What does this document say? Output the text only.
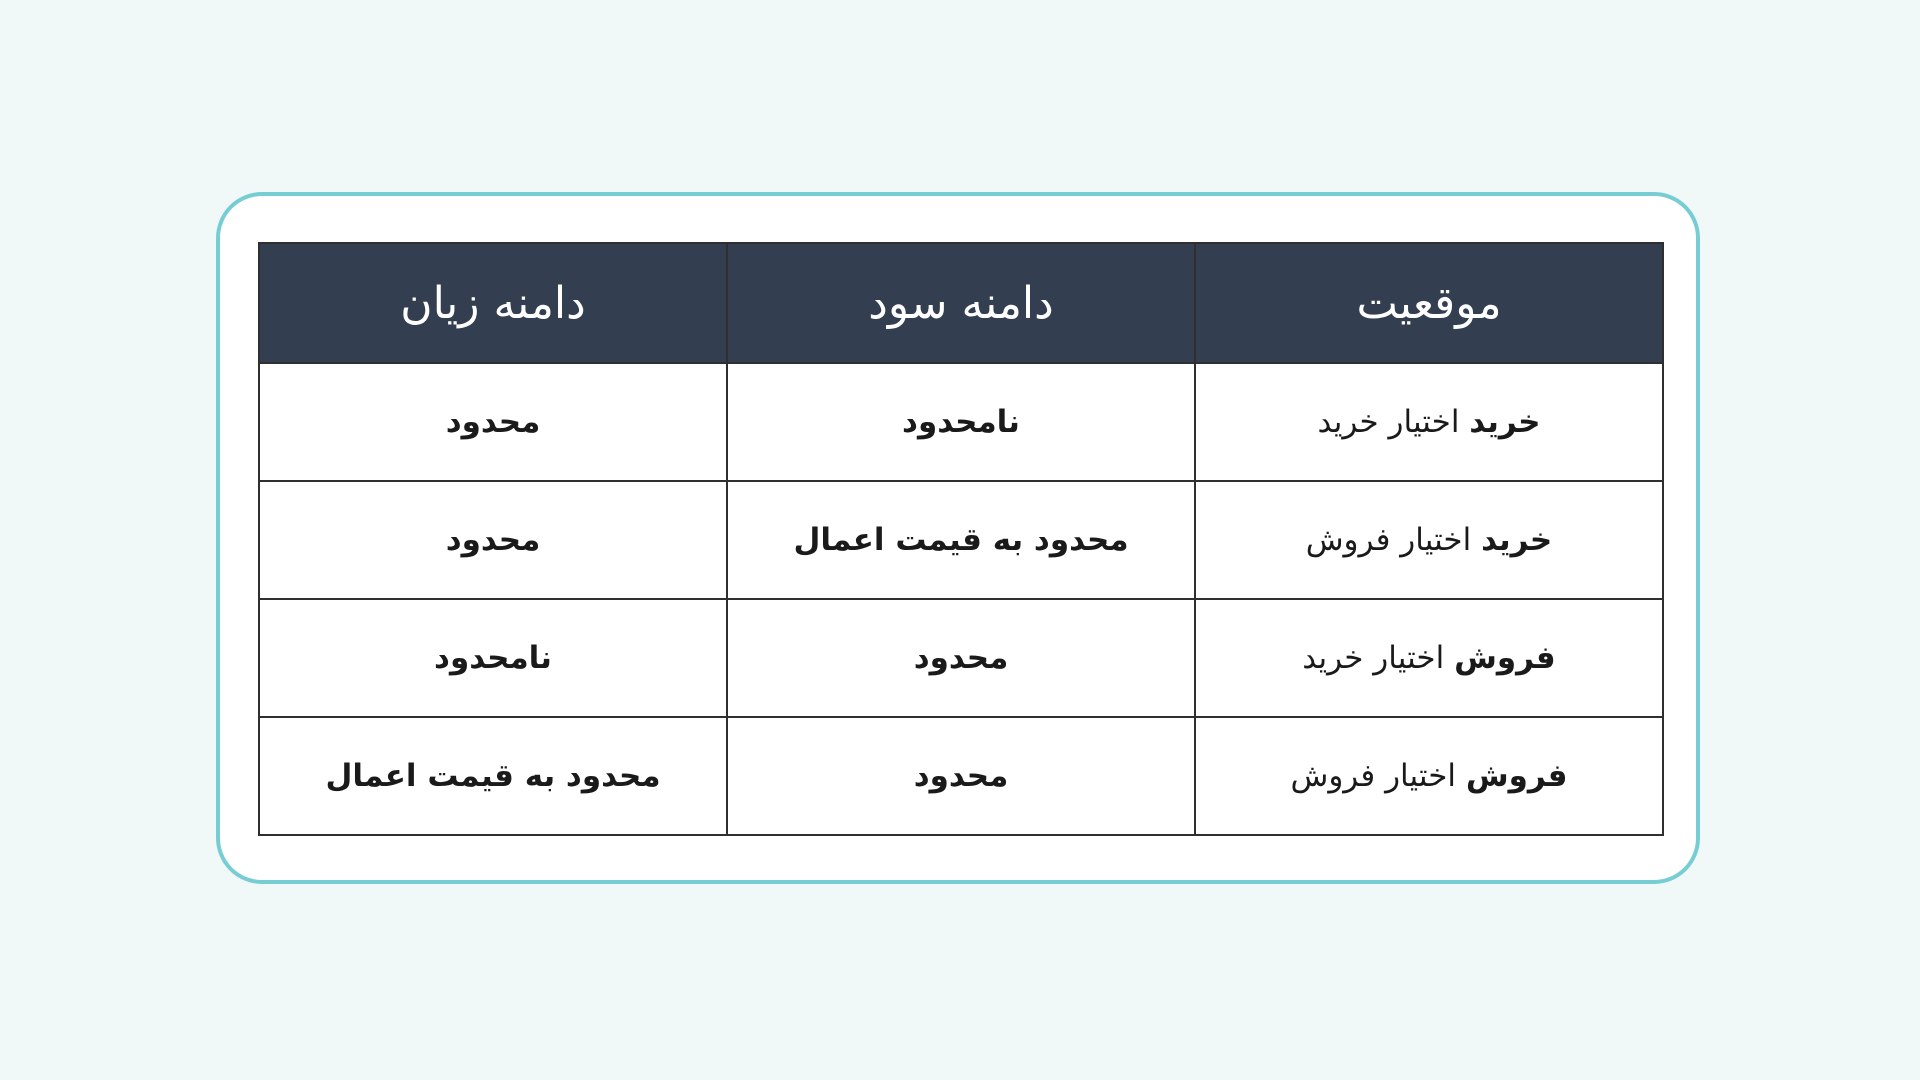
موقعیت	دامنه سود	دامنه زیان
خرید اختیار خرید	نامحدود	محدود
خرید اختیار فروش	محدود به قیمت اعمال	محدود
فروش اختیار خرید	محدود	نامحدود
فروش اختیار فروش	محدود	محدود به قیمت اعمال
